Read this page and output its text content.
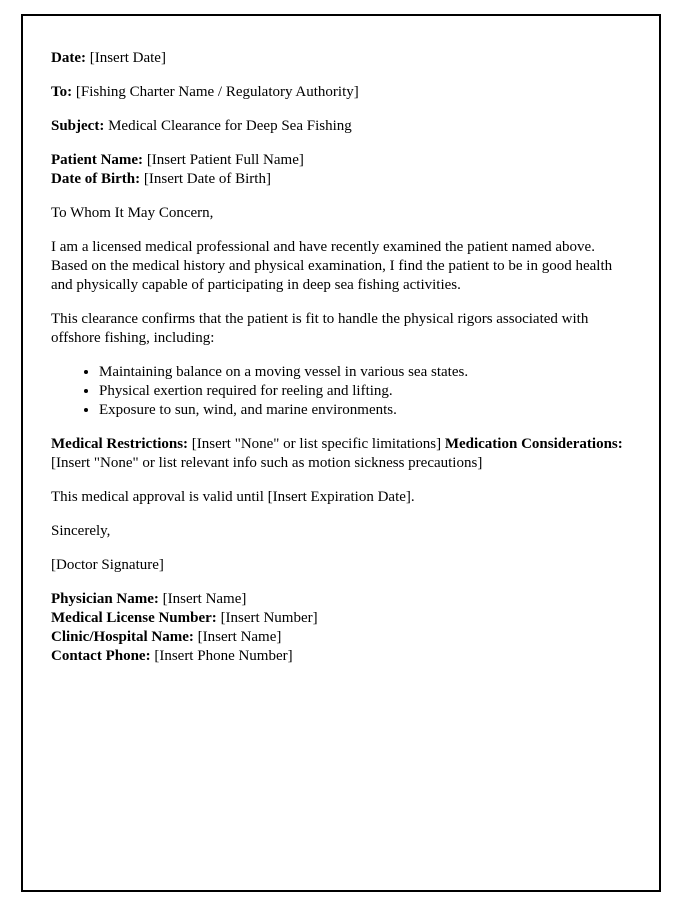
Date: [Insert Date]

To: [Fishing Charter Name / Regulatory Authority]

Subject: Medical Clearance for Deep Sea Fishing

Patient Name: [Insert Patient Full Name]
Date of Birth: [Insert Date of Birth]

To Whom It May Concern,

I am a licensed medical professional and have recently examined the patient named above. Based on the medical history and physical examination, I find the patient to be in good health and physically capable of participating in deep sea fishing activities.

This clearance confirms that the patient is fit to handle the physical rigors associated with offshore fishing, including:

• Maintaining balance on a moving vessel in various sea states.
• Physical exertion required for reeling and lifting.
• Exposure to sun, wind, and marine environments.
Medical Restrictions: [Insert "None" or list specific limitations] Medication Considerations: [Insert "None" or list relevant info such as motion sickness precautions]

This medical approval is valid until [Insert Expiration Date].

Sincerely,

[Doctor Signature]

Physician Name: [Insert Name]
Medical License Number: [Insert Number]
Clinic/Hospital Name: [Insert Name]
Contact Phone: [Insert Phone Number]
